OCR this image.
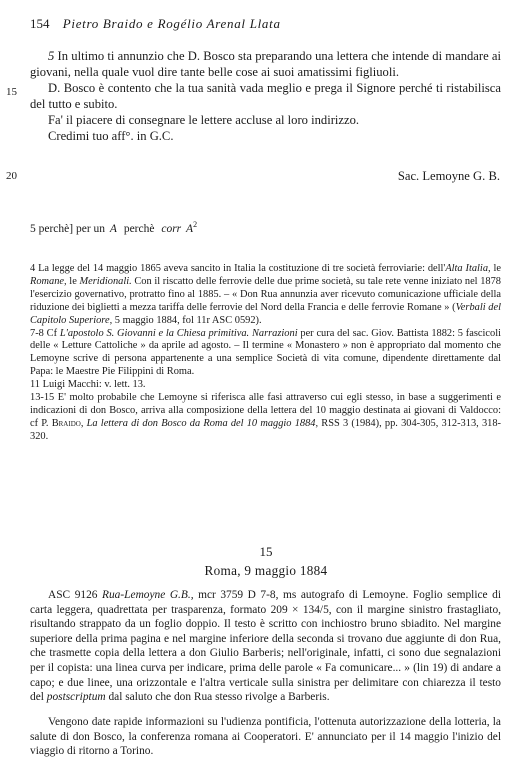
154 Pietro Braido e Rogélio Arenal Llata
15
20

5 In ultimo ti annunzio che D. Bosco sta preparando una lettera che intende di mandare ai giovani, nella quale vuol dire tante belle cose ai suoi amatissimi figliuoli.

D. Bosco è contento che la tua sanità vada meglio e prega il Signore perché ti ristabilisca del tutto e subito.

Fa' il piacere di consegnare le lettere accluse al loro indirizzo.

Credimi tuo aff°. in G.C.

Sac. Lemoyne G. B.
5 perchè] per un A perchè corr $A^2$

4 La legge del 14 maggio 1865 aveva sancito in Italia la costituzione di tre società ferroviarie: dell'Alta Italia, le Romane, le Meridionali. Con il riscatto delle ferrovie delle due prime società, su tale rete venne iniziato nel 1878 l'esercizio governativo, protratto fino al 1885. – « Don Rua annunzia aver ricevuto comunicazione ufficiale della riduzione dei biglietti a mezza tariffa delle ferrovie del Nord della Francia e delle ferrovie Romane » (Verbali del Capitolo Superiore, 5 maggio 1884, fol 11r ASC 0592).

7-8 Cf L'apostolo S. Giovanni e la Chiesa primitiva. Narrazioni per cura del sac. Giov. Battista 1882: 5 fascicoli delle « Letture Cattoliche » da aprile ad agosto. – Il termine « Monastero » non è appropriato dal momento che Lemoyne scrive di persona appartenente a una semplice Società di vita comune, dipendente direttamente dal Papa: le Maestre Pie Filippini di Roma.

11 Luigi Macchi: v. lett. 13.

13-15 E' molto probabile che Lemoyne si riferisca alle fasi attraverso cui egli stesso, in base a suggerimenti e indicazioni di don Bosco, arriva alla composizione della lettera del 10 maggio destinata ai giovani di Valdocco: cf P. Braido, La lettera di don Bosco da Roma del 10 maggio 1884, RSS 3 (1984), pp. 304-305, 312-313, 318-320.

15
Roma, 9 maggio 1884

ASC 9126 Rua-Lemoyne G.B., mcr 3759 D 7-8, ms autografo di Lemoyne. Foglio semplice di carta leggera, quadrettata per trasparenza, formato 209 × 134/5, con il margine sinistro frastagliato, risultando strappato da un foglio doppio. Il testo è scritto con inchiostro bruno sbiadito. Nel margine superiore della prima pagina e nel margine inferiore della seconda si trovano due aggiunte di don Rua, che trasmette copia della lettera a don Giulio Barberis; nell'originale, infatti, ci sono due segnalazioni per il copista: una linea curva per indicare, prima delle parole « Fa comunicare... » (lin 19) di andare a capo; e due linee, una orizzontale e l'altra verticale sulla sinistra per delimitare con chiarezza il testo del postscriptum dal saluto che don Rua stesso rivolge a Barberis.

Vengono date rapide informazioni su l'udienza pontificia, l'ottenuta autorizzazione della lotteria, la salute di don Bosco, la conferenza romana ai Cooperatori. E' annunciato per il 14 maggio l'inizio del viaggio di ritorno a Torino.
